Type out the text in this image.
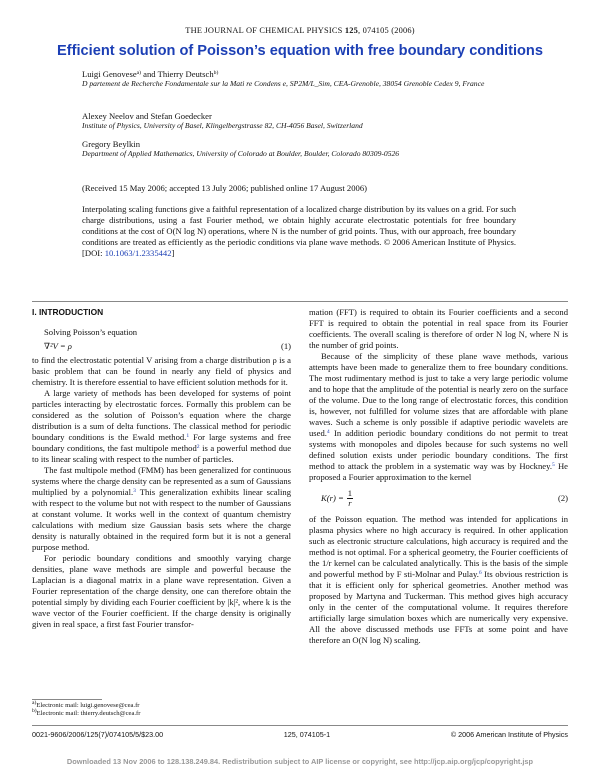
THE JOURNAL OF CHEMICAL PHYSICS 125, 074105 (2006)
Efficient solution of Poisson’s equation with free boundary conditions
Luigi Genovese$^{a)}$ and Thierry Deutsch$^{b)}$
D partement de Recherche Fondamentale sur la Mati re Condens e, SP2M/L_Sim, CEA-Grenoble, 38054 Grenoble Cedex 9, France
Alexey Neelov and Stefan Goedecker
Institute of Physics, University of Basel, Klingelbergstrasse 82, CH-4056 Basel, Switzerland
Gregory Beylkin
Department of Applied Mathematics, University of Colorado at Boulder, Boulder, Colorado 80309-0526
(Received 15 May 2006; accepted 13 July 2006; published online 17 August 2006)
Interpolating scaling functions give a faithful representation of a localized charge distribution by its values on a grid. For such charge distributions, using a fast Fourier method, we obtain highly accurate electrostatic potentials for free boundary conditions at the cost of O(N log N) operations, where N is the number of grid points. Thus, with our approach, free boundary conditions are treated as efficiently as the periodic conditions via plane wave methods. © 2006 American Institute of Physics. [DOI: 10.1063/1.2335442]

I. INTRODUCTION

Solving Poisson’s equation

∇²V = ρ	(1)

to find the electrostatic potential V arising from a charge distribution ρ is a basic problem that can be found in nearly any field of physics and chemistry. It is therefore essential to have efficient solution methods for it.

A large variety of methods has been developed for systems of point particles interacting by electrostatic forces. Formally this problem can be considered as the solution of Poisson’s equation where the charge distribution is a sum of delta functions. The classical method for periodic boundary conditions is the Ewald method.$^1$ For large systems and free boundary conditions, the fast multipole method$^2$ is a powerful method due to its linear scaling with respect to the number of particles.

The fast multipole method (FMM) has been generalized for continuous systems where the charge density can be represented as a sum of Gaussians multiplied by a polynomial.$^3$ This generalization exhibits linear scaling with respect to the volume but not with respect to the number of Gaussians at constant volume. It works well in the context of quantum chemistry calculations with medium size Gaussian basis sets where the charge density is naturally obtained in the required form but it is not a general purpose method.

For periodic boundary conditions and smoothly varying charge densities, plane wave methods are simple and powerful because the Laplacian is a diagonal matrix in a plane wave representation. Given a Fourier representation of the charge density, one can therefore obtain the potential simply by dividing each Fourier coefficient by |k|², where k is the wave vector of the Fourier coefficient. If the charge density is originally given in real space, a first fast Fourier transfor-

$^{a)}$Electronic mail: luigi.genovese@cea.fr
$^{b)}$Electronic mail: thierry.deutsch@cea.fr

mation (FFT) is required to obtain its Fourier coefficients and a second FFT is required to obtain the potential in real space from its Fourier coefficients. The overall scaling is therefore of order N log N, where N is the number of grid points.

Because of the simplicity of these plane wave methods, various attempts have been made to generalize them to free boundary conditions. The most rudimentary method is just to take a very large periodic volume and to hope that the amplitude of the potential is nearly zero on the surface of the volume. Due to the long range of electrostatic forces, this condition is, however, not fulfilled for volume sizes that are affordable with plane waves. Such a scheme is only possible if adaptive periodic wavelets are used.$^4$ In addition periodic boundary conditions do not permit to treat systems with monopoles and dipoles because for such systems no well defined solution exists under periodic boundary conditions. The first method to attack the problem in a systematic way was by Hockney.$^5$ He proposed a Fourier approximation to the kernel

$K(r) = \frac{1}{r}$	(2)

of the Poisson equation. The method was intended for applications in plasma physics where no high accuracy is required. In other application such as electronic structure calculations, high accuracy is required and the method is not optimal. For a spherical geometry, the Fourier coefficients of the 1/r kernel can be calculated analytically. This is the basis of the simple and powerful method by F sti-Molnar and Pulay.$^6$ Its obvious restriction is that it is efficient only for spherical geometries. Another method was proposed by Martyna and Tuckerman. This method gives high accuracy only in the center of the computational volume. It requires therefore artificially large simulation boxes which are numerically very expensive. All the above discussed methods use FFTs at some point and have therefore an O(N log N) scaling.

0021-9606/2006/125(7)/074105/5/$23.00	125, 074105-1	© 2006 American Institute of Physics
Downloaded 13 Nov 2006 to 128.138.249.84. Redistribution subject to AIP license or copyright, see http://jcp.aip.org/jcp/copyright.jsp
